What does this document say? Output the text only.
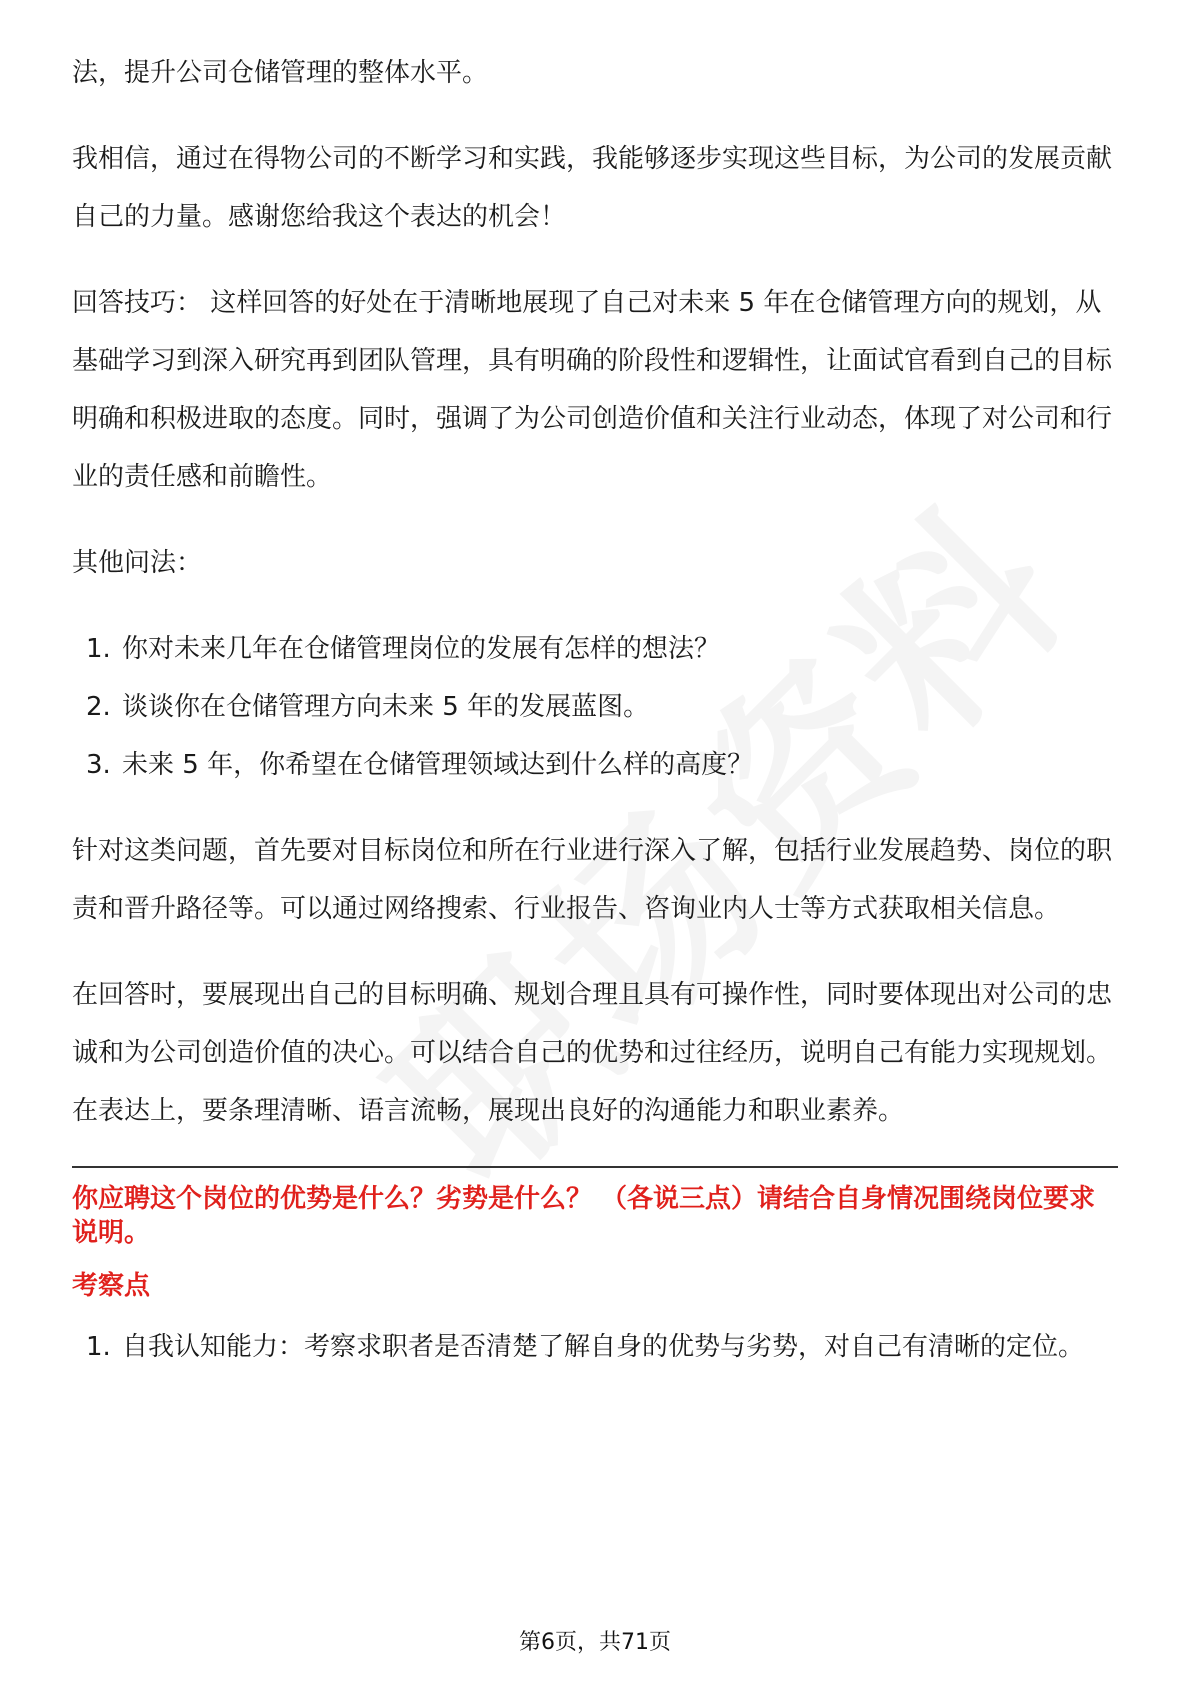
法，提升公司仓储管理的整体水平。

我相信，通过在得物公司的不断学习和实践，我能够逐步实现这些目标，为公司的发展贡献自己的力量。感谢您给我这个表达的机会！

回答技巧： 这样回答的好处在于清晰地展现了自己对未来 5 年在仓储管理方向的规划，从基础学习到深入研究再到团队管理，具有明确的阶段性和逻辑性，让面试官看到自己的目标明确和积极进取的态度。同时，强调了为公司创造价值和关注行业动态，体现了对公司和行业的责任感和前瞻性。

其他问法：

1. 你对未来几年在仓储管理岗位的发展有怎样的想法？
2. 谈谈你在仓储管理方向未来 5 年的发展蓝图。
3. 未来 5 年，你希望在仓储管理领域达到什么样的高度？

针对这类问题，首先要对目标岗位和所在行业进行深入了解，包括行业发展趋势、岗位的职责和晋升路径等。可以通过网络搜索、行业报告、咨询业内人士等方式获取相关信息。

在回答时，要展现出自己的目标明确、规划合理且具有可操作性，同时要体现出对公司的忠诚和为公司创造价值的决心。可以结合自己的优势和过往经历，说明自己有能力实现规划。在表达上，要条理清晰、语言流畅，展现出良好的沟通能力和职业素养。

你应聘这个岗位的优势是什么？劣势是什么？ （各说三点）请结合自身情况围绕岗位要求说明。

考察点
1. 自我认知能力：考察求职者是否清楚了解自身的优势与劣势，对自己有清晰的定位。
第6页，共71页
